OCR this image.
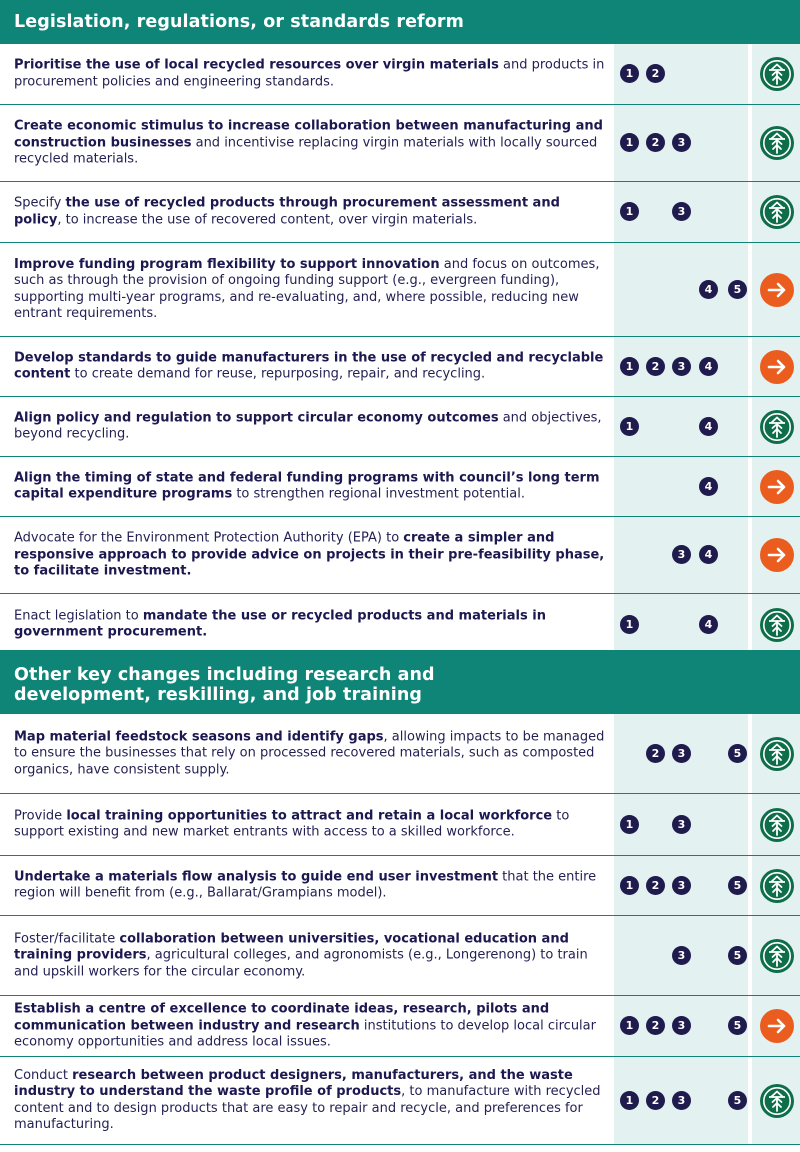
Legislation, regulations, or standards reform
Prioritise the use of local recycled resources over virgin materials and products in procurement policies and engineering standards.
1	2
Create economic stimulus to increase collaboration between manufacturing and construction businesses and incentivise replacing virgin materials with locally sourced recycled materials.
1	2	3
Specify the use of recycled products through procurement assessment and policy, to increase the use of recovered content, over virgin materials.
1	3
Improve funding program flexibility to support innovation and focus on outcomes, such as through the provision of ongoing funding support (e.g., evergreen funding), supporting multi-year programs, and re-evaluating, and, where possible, reducing new entrant requirements.
4	5
Develop standards to guide manufacturers in the use of recycled and recyclable content to create demand for reuse, repurposing, repair, and recycling.
1	2	3	4
Align policy and regulation to support circular economy outcomes and objectives, beyond recycling.
1	4
Align the timing of state and federal funding programs with council’s long term capital expenditure programs to strengthen regional investment potential.
4
Advocate for the Environment Protection Authority (EPA) to create a simpler and responsive approach to provide advice on projects in their pre-feasibility phase, to facilitate investment.
3	4
Enact legislation to mandate the use or recycled products and materials in government procurement.
1	4
Other key changes including research and
development, reskilling, and job training
Map material feedstock seasons and identify gaps, allowing impacts to be managed to ensure the businesses that rely on processed recovered materials, such as composted organics, have consistent supply.
2	3	5
Provide local training opportunities to attract and retain a local workforce to support existing and new market entrants with access to a skilled workforce.
1	3
Undertake a materials flow analysis to guide end user investment that the entire region will benefit from (e.g., Ballarat/Grampians model).
1	2	3	5
Foster/facilitate collaboration between universities, vocational education and training providers, agricultural colleges, and agronomists (e.g., Longerenong) to train and upskill workers for the circular economy.
3	5
Establish a centre of excellence to coordinate ideas, research, pilots and communication between industry and research institutions to develop local circular economy opportunities and address local issues.
1	2	3	5
Conduct research between product designers, manufacturers, and the waste industry to understand the waste profile of products, to manufacture with recycled content and to design products that are easy to repair and recycle, and preferences for manufacturing.
1	2	3	5
